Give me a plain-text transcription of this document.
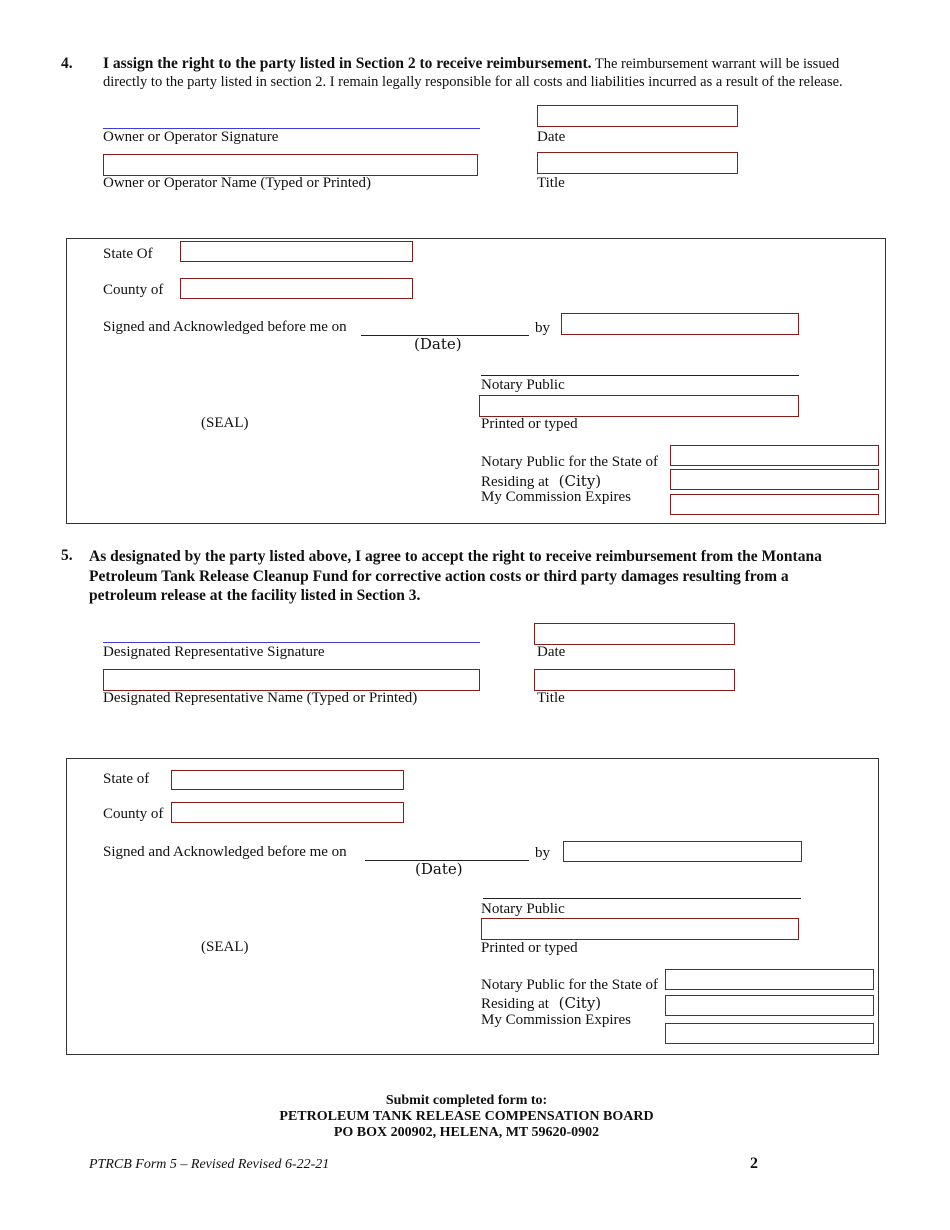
4. I assign the right to the party listed in Section 2 to receive reimbursement. The reimbursement warrant will be issued directly to the party listed in section 2. I remain legally responsible for all costs and liabilities incurred as a result of the release.
Owner or Operator Signature	Date
Owner or Operator Name (Typed or Printed)	Title
State Of
County of
Signed and Acknowledged before me on
(Date)
by
Notary Public
Printed or typed
(SEAL)
Notary Public for the State of
Residing at (City)
My Commission Expires
5. As designated by the party listed above, I agree to accept the right to receive reimbursement from the Montana Petroleum Tank Release Cleanup Fund for corrective action costs or third party damages resulting from a petroleum release at the facility listed in Section 3.
Designated Representative Signature	Date
Designated Representative Name (Typed or Printed)	Title
State of
County of
Signed and Acknowledged before me on
(Date)
by
Notary Public
Printed or typed
(SEAL)
Notary Public for the State of
Residing at (City)
My Commission Expires
Submit completed form to:
PETROLEUM TANK RELEASE COMPENSATION BOARD
PO BOX 200902, HELENA, MT 59620-0902
PTRCB Form 5 – Revised Revised 6-22-21	2
